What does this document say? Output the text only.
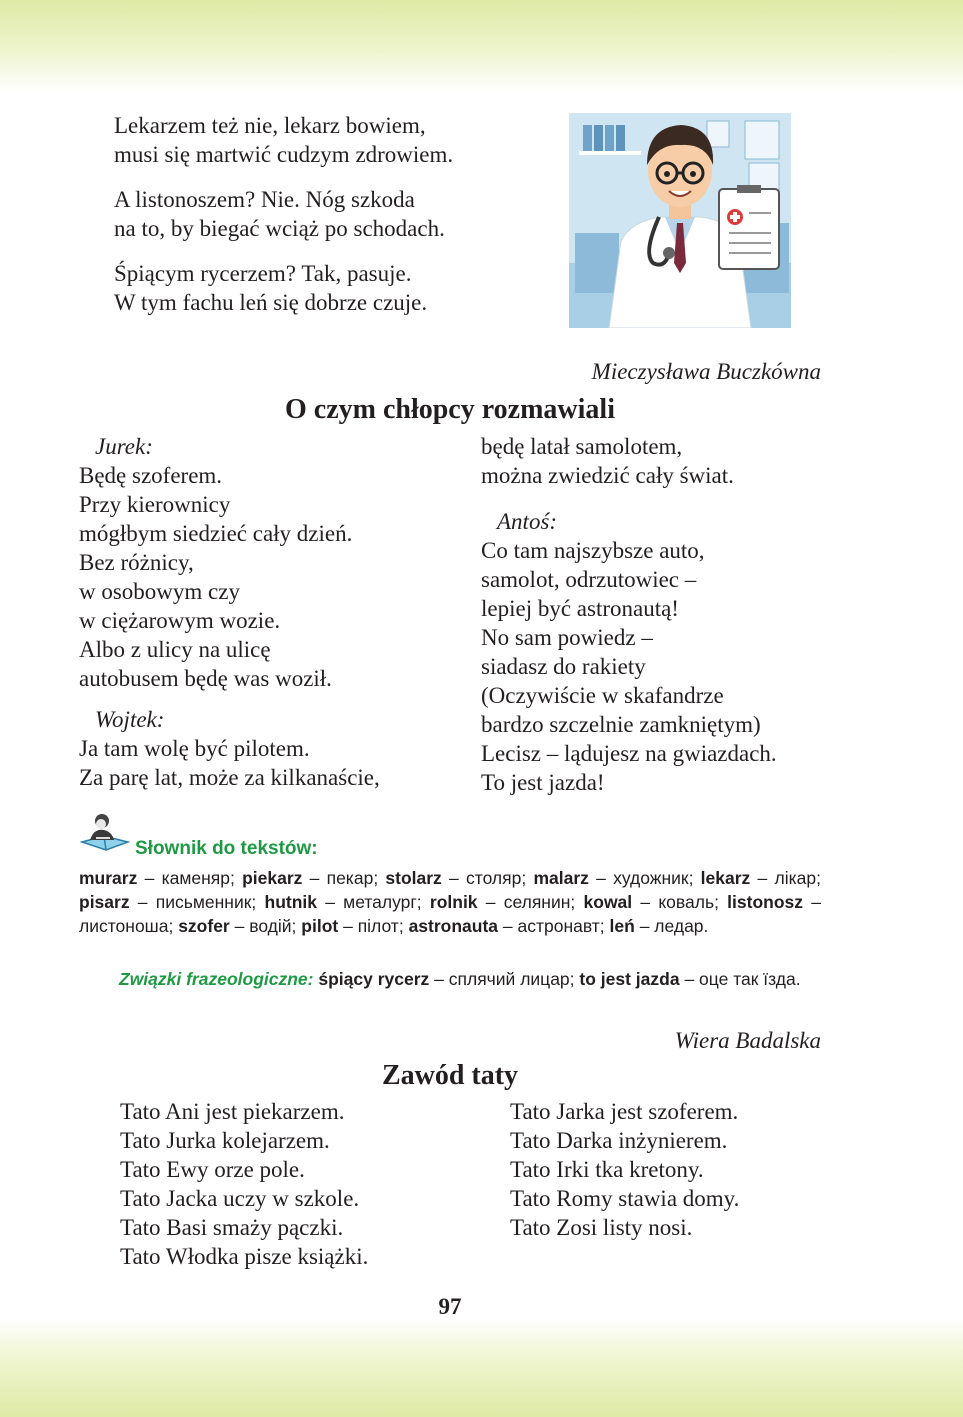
Lekarzem też nie, lekarz bowiem,
musi się martwić cudzym zdrowiem.
A listonoszem? Nie. Nóg szkoda
na to, by biegać wciąż po schodach.
Śpiącym rycerzem? Tak, pasuje.
W tym fachu leń się dobrze czuje.
Mieczysława Buczkówna
O czym chłopcy rozmawiali
Jurek:
Będę szoferem.
Przy kierownicy
mógłbym siedzieć cały dzień.
Bez różnicy,
w osobowym czy
w ciężarowym wozie.
Albo z ulicy na ulicę
autobusem będę was woził.
Wojtek:
Ja tam wolę być pilotem.
Za parę lat, może za kilkanaście,
będę latał samolotem,
można zwiedzić cały świat.
Antoś:
Co tam najszybsze auto,
samolot, odrzutowiec –
lepiej być astronautą!
No sam powiedz –
siadasz do rakiety
(Oczywiście w skafandrze
bardzo szczelnie zamkniętym)
Lecisz – lądujesz na gwiazdach.
To jest jazda!
Słownik do tekstów:
murarz – каменяр; piekarz – пекар; stolarz – столяр; malarz – художник; lekarz – лікар; pisarz – письменник; hutnik – металург; rolnik – селянин; kowal – коваль; listonosz – листоноша; szofer – водій; pilot – пілот; astronauta – астронавт; leń – ледар.
Związki frazeologiczne: śpiący rycerz – сплячий лицар; to jest jazda – оце так їзда.
Wiera Badalska
Zawód taty
Tato Ani jest piekarzem.
Tato Jurka kolejarzem.
Tato Ewy orze pole.
Tato Jacka uczy w szkole.
Tato Basi smaży pączki.
Tato Włodka pisze książki.
Tato Jarka jest szoferem.
Tato Darka inżynierem.
Tato Irki tka kretony.
Tato Romy stawia domy.
Tato Zosi listy nosi.
97
